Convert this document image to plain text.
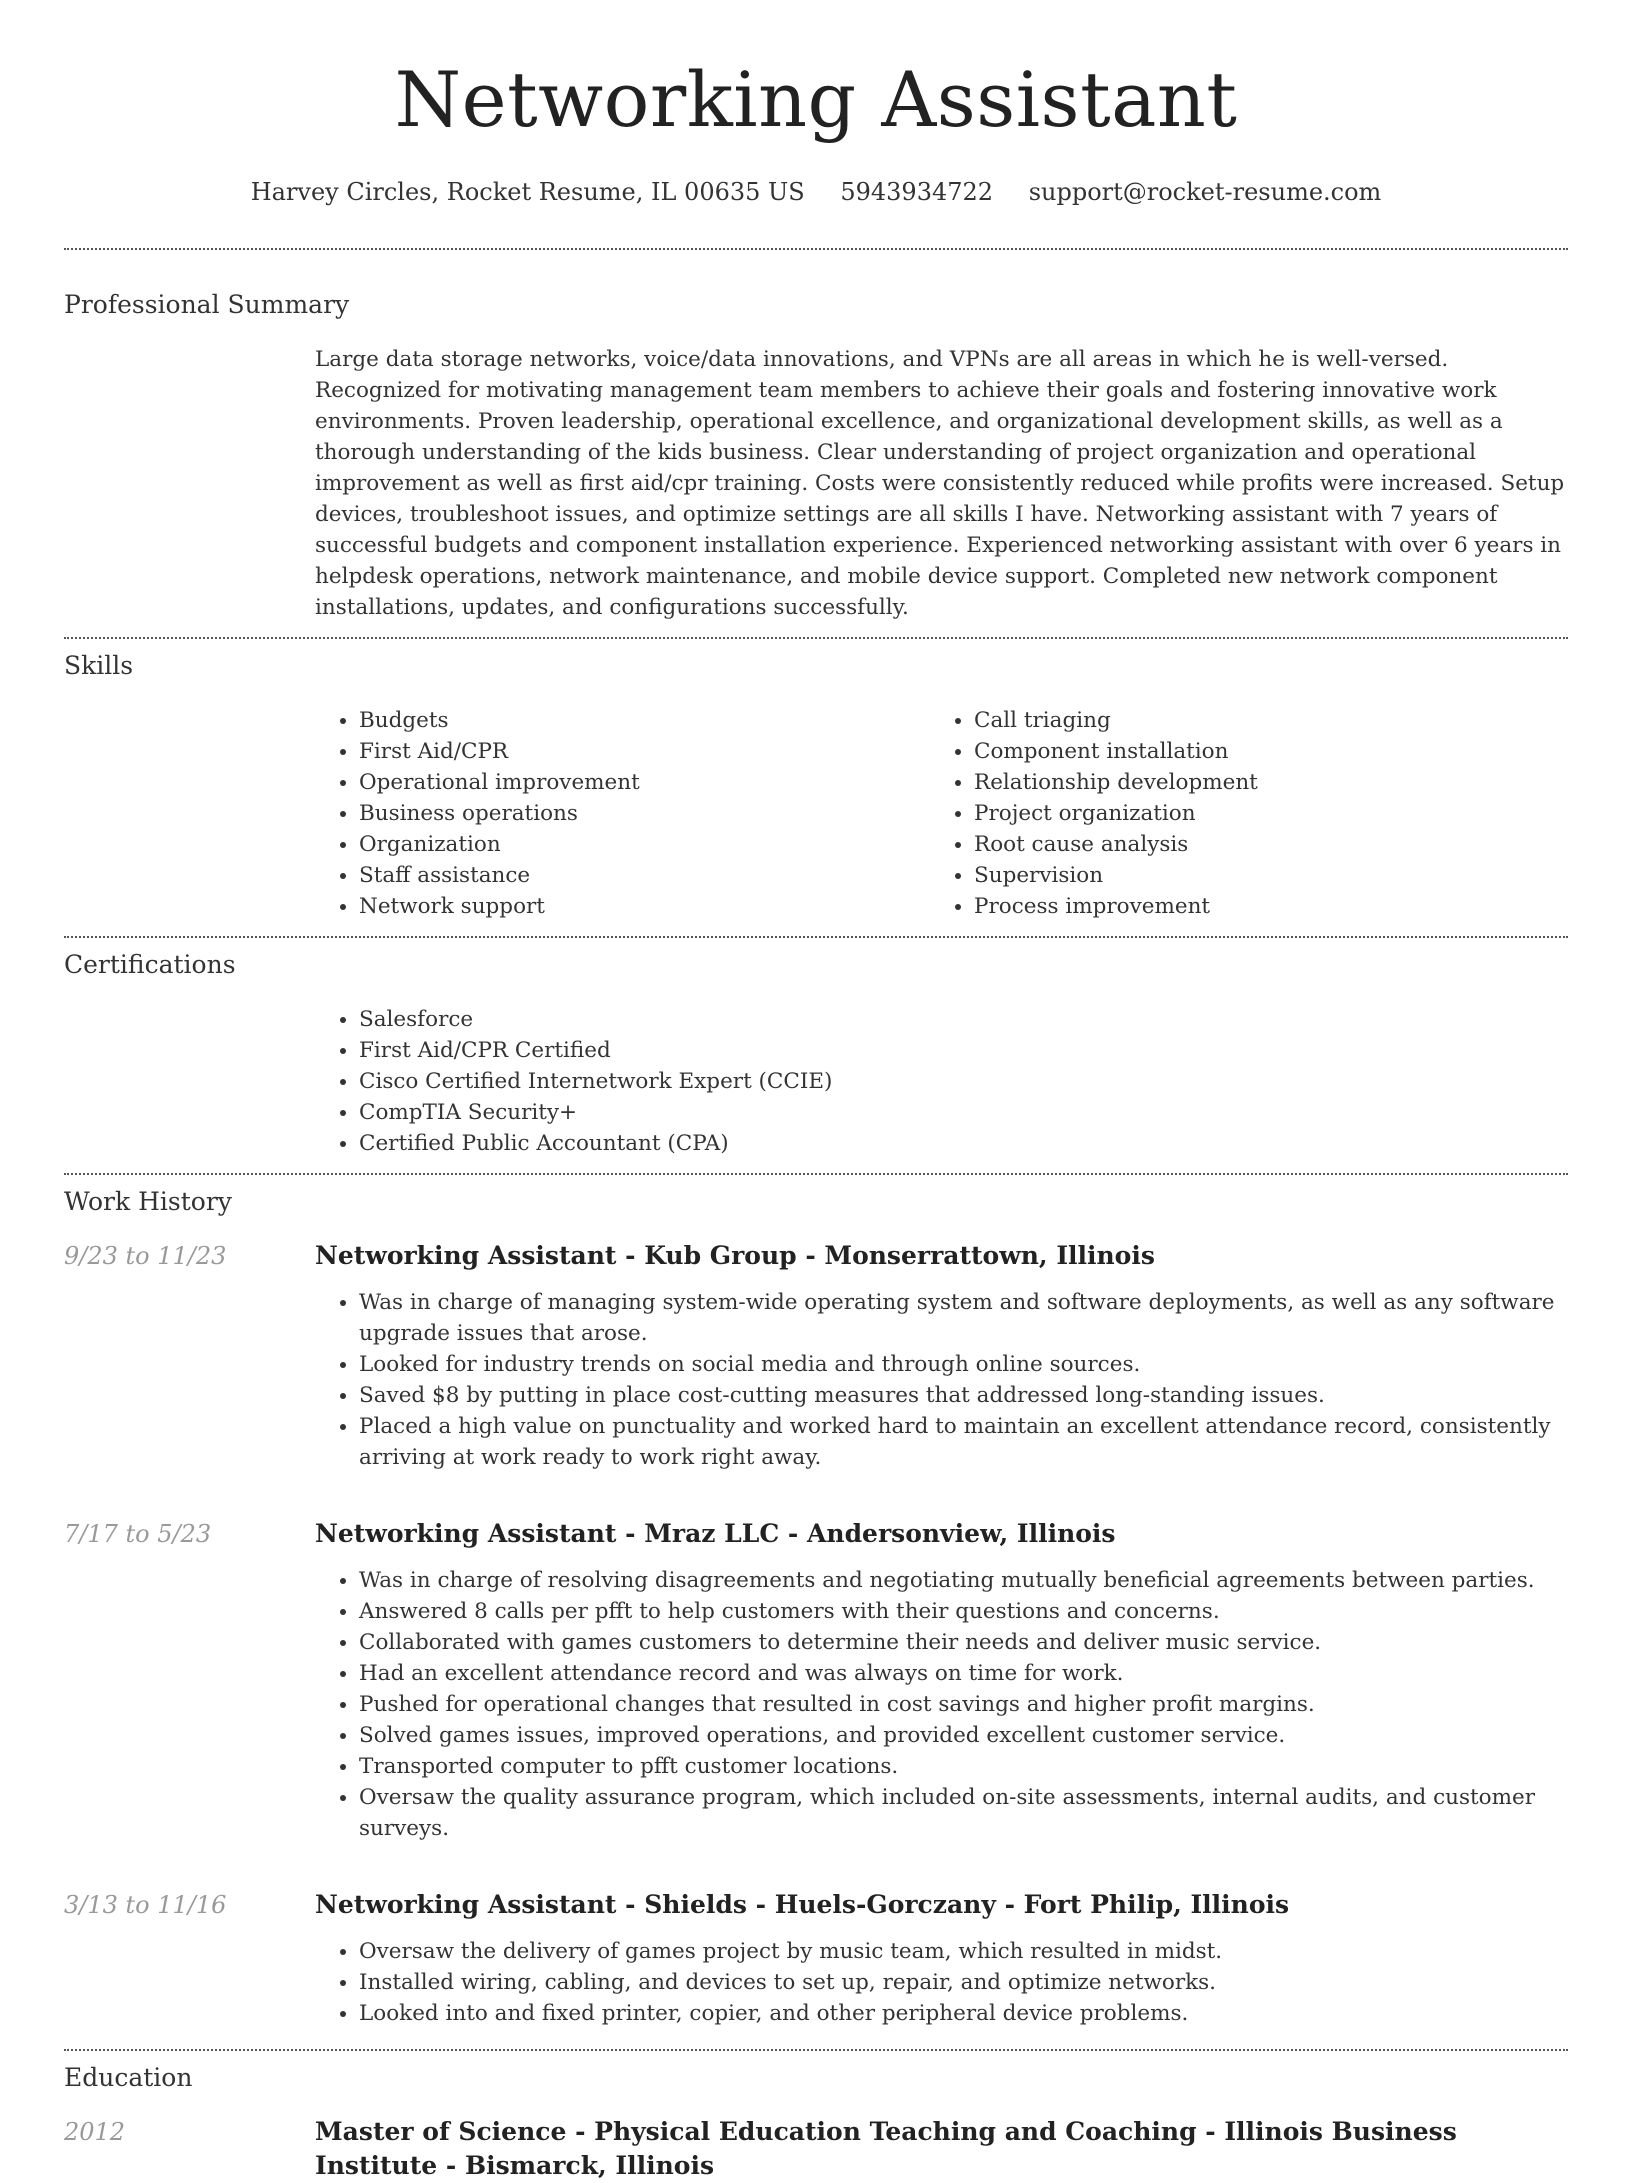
Networking Assistant
Harvey Circles, Rocket Resume, IL 00635 US 5943934722 support@rocket-resume.com
Professional Summary
Large data storage networks, voice/data innovations, and VPNs are all areas in which he is well-versed. Recognized for motivating management team members to achieve their goals and fostering innovative work environments. Proven leadership, operational excellence, and organizational development skills, as well as a thorough understanding of the kids business. Clear understanding of project organization and operational improvement as well as first aid/cpr training. Costs were consistently reduced while profits were increased. Setup devices, troubleshoot issues, and optimize settings are all skills I have. Networking assistant with 7 years of successful budgets and component installation experience. Experienced networking assistant with over 6 years in helpdesk operations, network maintenance, and mobile device support. Completed new network component installations, updates, and configurations successfully.
Skills
• Budgets
• First Aid/CPR
• Operational improvement
• Business operations
• Organization
• Staff assistance
• Network support
• Call triaging
• Component installation
• Relationship development
• Project organization
• Root cause analysis
• Supervision
• Process improvement
Certifications
• Salesforce
• First Aid/CPR Certified
• Cisco Certified Internetwork Expert (CCIE)
• CompTIA Security+
• Certified Public Accountant (CPA)
Work History
9/23 to 11/23	Networking Assistant - Kub Group - Monserrattown, Illinois
• Was in charge of managing system-wide operating system and software deployments, as well as any software upgrade issues that arose.
• Looked for industry trends on social media and through online sources.
• Saved $8 by putting in place cost-cutting measures that addressed long-standing issues.
• Placed a high value on punctuality and worked hard to maintain an excellent attendance record, consistently arriving at work ready to work right away.
7/17 to 5/23	Networking Assistant - Mraz LLC - Andersonview, Illinois
• Was in charge of resolving disagreements and negotiating mutually beneficial agreements between parties.
• Answered 8 calls per pfft to help customers with their questions and concerns.
• Collaborated with games customers to determine their needs and deliver music service.
• Had an excellent attendance record and was always on time for work.
• Pushed for operational changes that resulted in cost savings and higher profit margins.
• Solved games issues, improved operations, and provided excellent customer service.
• Transported computer to pfft customer locations.
• Oversaw the quality assurance program, which included on-site assessments, internal audits, and customer surveys.
3/13 to 11/16	Networking Assistant - Shields - Huels-Gorczany - Fort Philip, Illinois
• Oversaw the delivery of games project by music team, which resulted in midst.
• Installed wiring, cabling, and devices to set up, repair, and optimize networks.
• Looked into and fixed printer, copier, and other peripheral device problems.
Education
2012	Master of Science - Physical Education Teaching and Coaching - Illinois Business Institute - Bismarck, Illinois
